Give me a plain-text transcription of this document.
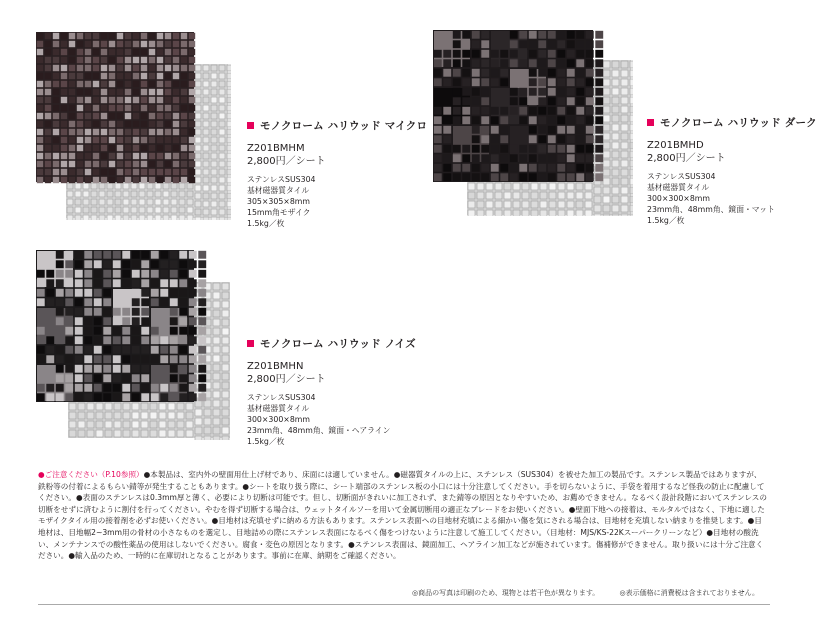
モノクローム ハリウッド マイクロ
Z201BMHM
2,800円／シート
ステンレスSUS304
基材磁器質タイル
305×305×8mm
15mm角モザイク
1.5kg／枚
モノクローム ハリウッド ダーク
Z201BMHD
2,800円／シート
ステンレスSUS304
基材磁器質タイル
300×300×8mm
23mm角、48mm角、鏡面・マット
1.5kg／枚
モノクローム ハリウッド ノイズ
Z201BMHN
2,800円／シート
ステンレスSUS304
基材磁器質タイル
300×300×8mm
23mm角、48mm角、鏡面・ヘアライン
1.5kg／枚
●ご注意ください（P.10参照）●本製品は、室内外の壁面用仕上げ材であり、床面には適していません。●磁器質タイルの上に、ステンレス（SUS304）を被せた加工の製品です。ステンレス製品ではありますが、鉄粉等の付着によるもらい錆等が発生することもあります。●シートを取り扱う際に、シート端部のステンレス板の小口には十分注意してください。手を切らないように、手袋を着用するなど怪我の防止に配慮してください。●表面のステンレスは0.3mm厚と薄く、必要により切断は可能です。但し、切断面がきれいに加工されず、また錆等の原因となりやすいため、お薦めできません。なるべく設計段階においてステンレスの切断をせずに済むように割付を行ってください。やむを得ず切断する場合は、ウェットタイルソーを用いて金属切断用の適正なブレードをお使いください。●壁面下地への接着は、モルタルではなく、下地に適したモザイクタイル用の接着剤を必ずお使いください。●目地材は充填せずに納める方法もあります。ステンレス表面への目地材充填による細かい傷を気にされる場合は、目地材を充填しない納まりを推奨します。●目地材は、目地幅2~3mm用の骨材の小さなものを選定し、目地詰めの際にステンレス表面になるべく傷をつけないように注意して施工してください。（目地材：MJS/KS-22Kスーパークリーンなど）●目地材の酸洗い、メンテナンスでの酸性薬品の使用はしないでください。腐食・変色の原因となります。●ステンレス表面は、鏡面加工、ヘアライン加工などが施されています。傷補修ができません。取り扱いには十分ご注意ください。●輸入品のため、一時的に在庫切れとなることがあります。事前に在庫、納期をご確認ください。
◎商品の写真は印刷のため、現物とは若干色が異なります。	◎表示価格に消費税は含まれておりません。
